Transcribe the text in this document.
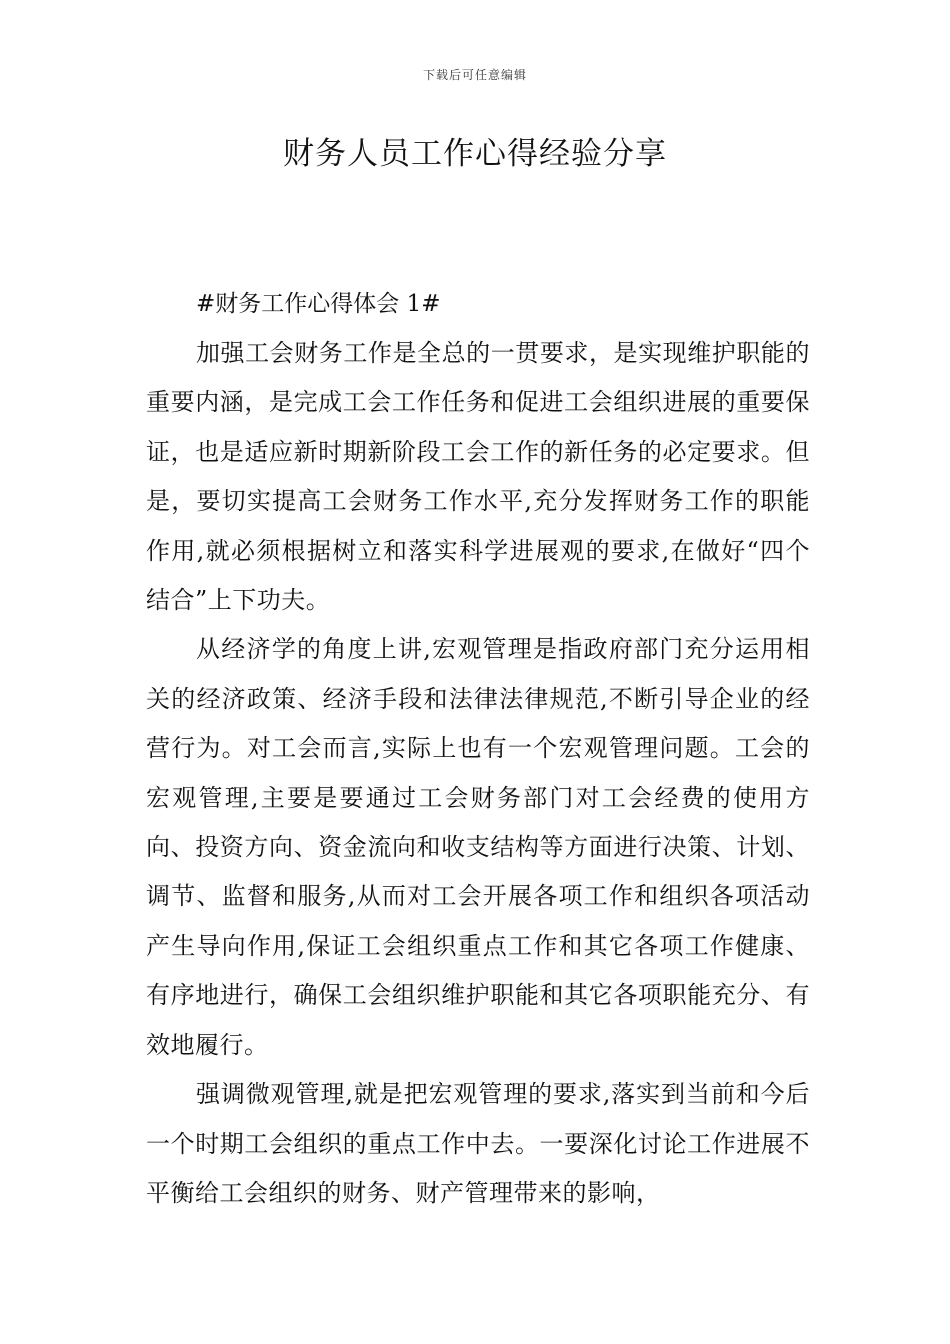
下载后可任意编辑
财务人员工作心得经验分享

#财务工作心得体会 1#

加强工会财务工作是全总的一贯要求，是实现维护职能的重要内涵，是完成工会工作任务和促进工会组织进展的重要保证，也是适应新时期新阶段工会工作的新任务的必定要求。但是，要切实提高工会财务工作水平,充分发挥财务工作的职能作用,就必须根据树立和落实科学进展观的要求,在做好“四个结合”上下功夫。

从经济学的角度上讲,宏观管理是指政府部门充分运用相关的经济政策、经济手段和法律法律规范,不断引导企业的经营行为。对工会而言,实际上也有一个宏观管理问题。工会的宏观管理,主要是要通过工会财务部门对工会经费的使用方向、投资方向、资金流向和收支结构等方面进行决策、计划、调节、监督和服务,从而对工会开展各项工作和组织各项活动产生导向作用,保证工会组织重点工作和其它各项工作健康、有序地进行，确保工会组织维护职能和其它各项职能充分、有效地履行。

强调微观管理,就是把宏观管理的要求,落实到当前和今后一个时期工会组织的重点工作中去。一要深化讨论工作进展不平衡给工会组织的财务、财产管理带来的影响，
